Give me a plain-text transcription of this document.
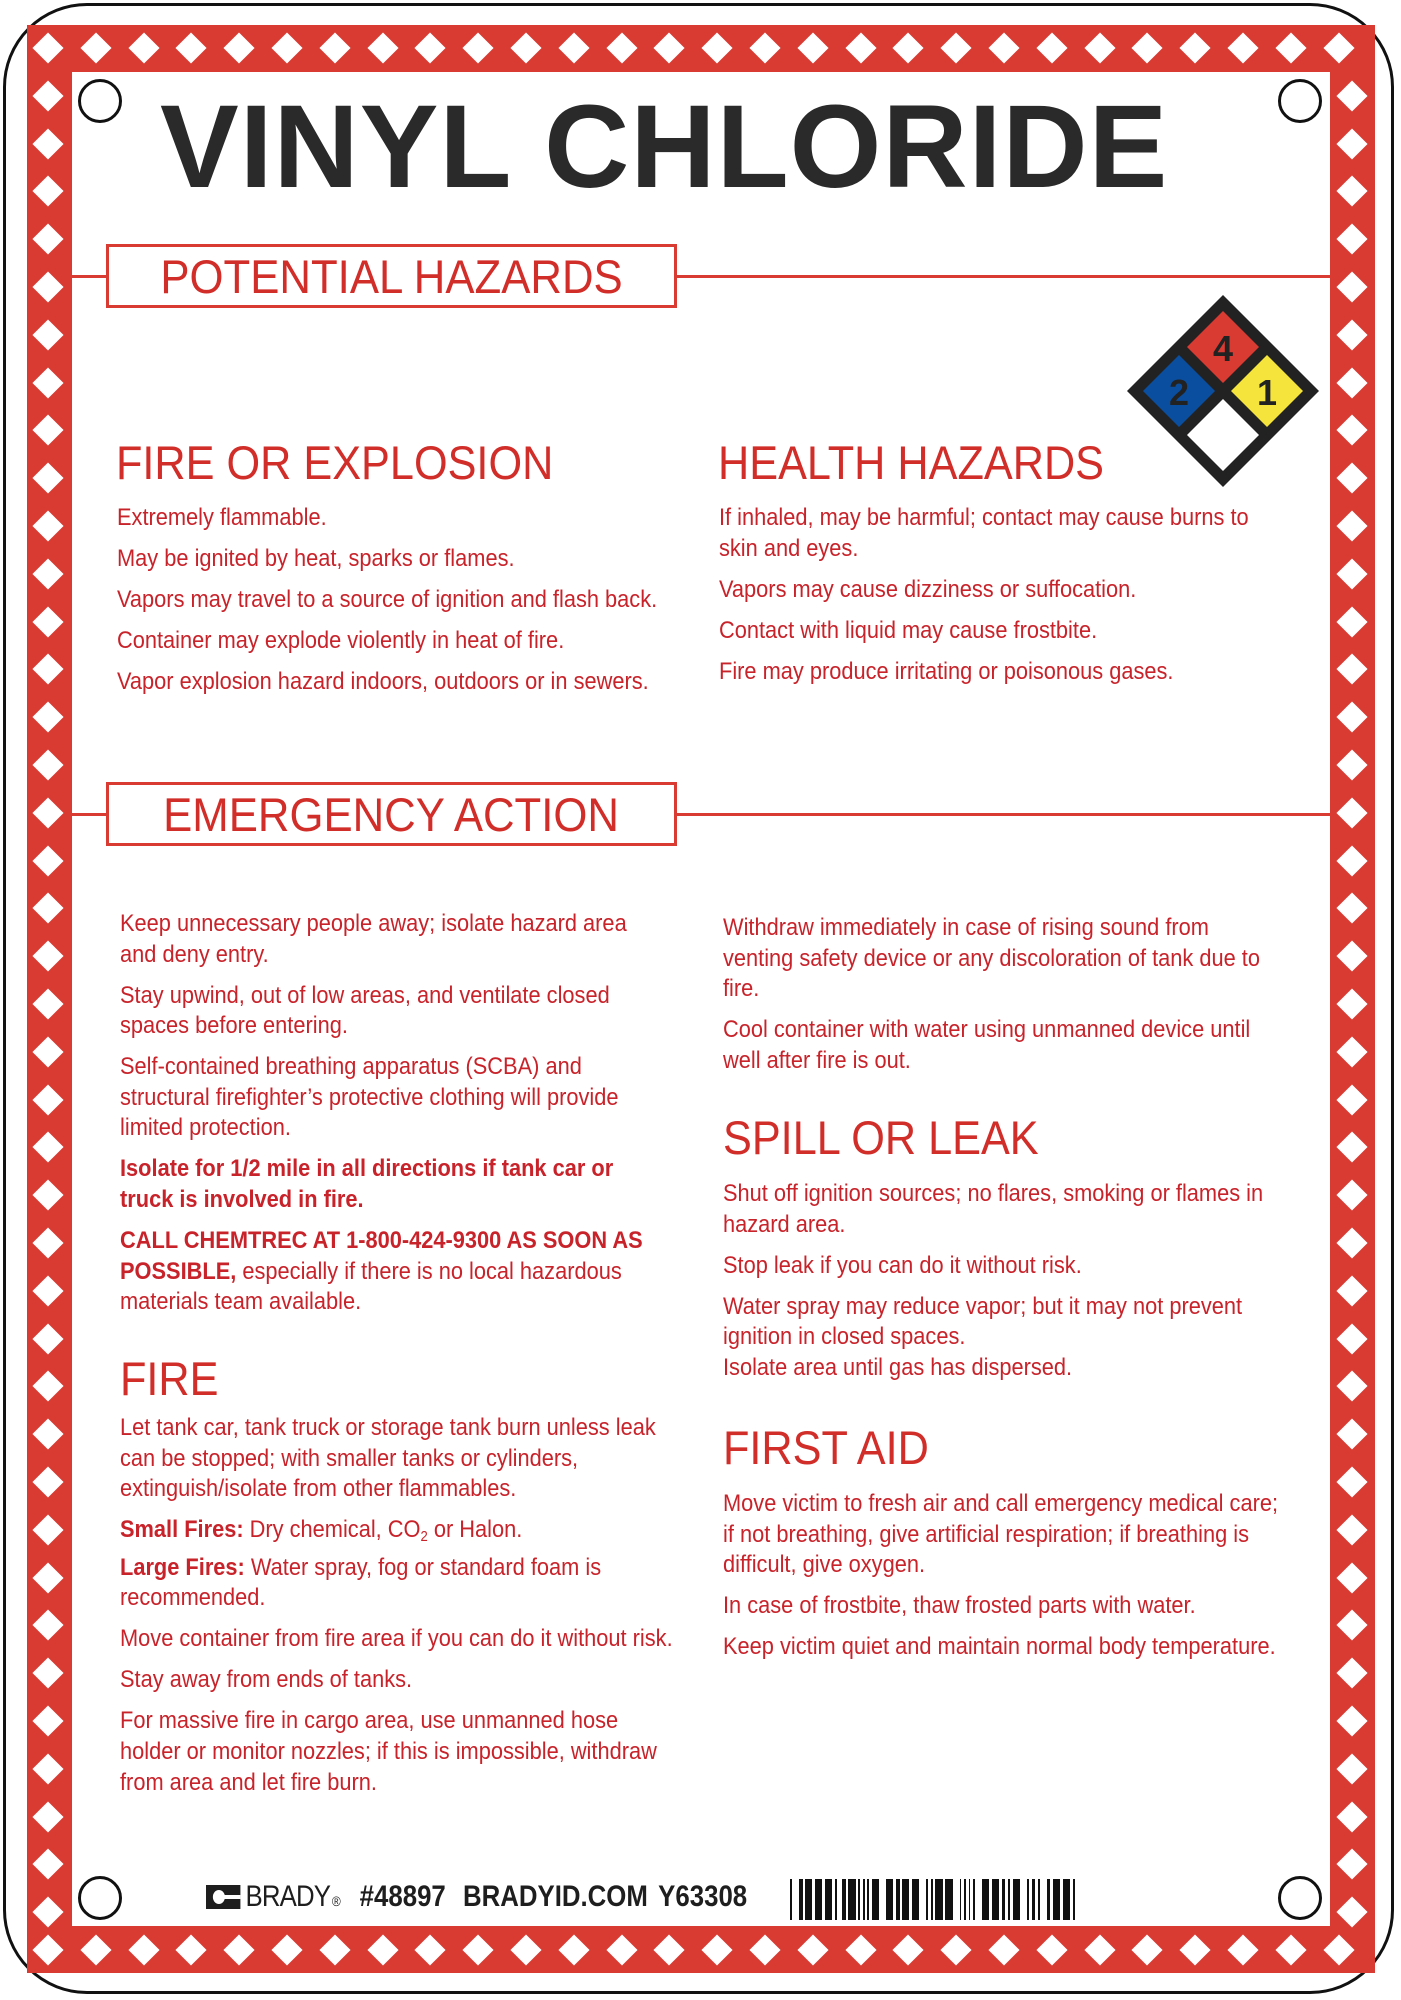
VINYL CHLORIDE
POTENTIAL HAZARDS
4
2 1
FIRE OR EXPLOSION

Extremely flammable.

May be ignited by heat, sparks or flames.

Vapors may travel to a source of ignition and flash back.

Container may explode violently in heat of fire.

Vapor explosion hazard indoors, outdoors or in sewers.

HEALTH HAZARDS

If inhaled, may be harmful; contact may cause burns to skin and eyes.

Vapors may cause dizziness or suffocation.

Contact with liquid may cause frostbite.

Fire may produce irritating or poisonous gases.

EMERGENCY ACTION

Keep unnecessary people away; isolate hazard area and deny entry.

Stay upwind, out of low areas, and ventilate closed spaces before entering.

Self-contained breathing apparatus (SCBA) and structural firefighter’s protective clothing will provide limited protection.

Isolate for 1/2 mile in all directions if tank car or truck is involved in fire.

CALL CHEMTREC AT 1-800-424-9300 AS SOON AS POSSIBLE, especially if there is no local hazardous materials team available.

FIRE

Let tank car, tank truck or storage tank burn unless leak can be stopped; with smaller tanks or cylinders, extinguish/isolate from other flammables.

Small Fires: Dry chemical, $CO_2$ or Halon.

Large Fires: Water spray, fog or standard foam is recommended.

Move container from fire area if you can do it without risk.

Stay away from ends of tanks.

For massive fire in cargo area, use unmanned hose holder or monitor nozzles; if this is impossible, withdraw from area and let fire burn.

Withdraw immediately in case of rising sound from venting safety device or any discoloration of tank due to fire.

Cool container with water using unmanned device until well after fire is out.

SPILL OR LEAK

Shut off ignition sources; no flares, smoking or flames in hazard area.

Stop leak if you can do it without risk.

Water spray may reduce vapor; but it may not prevent ignition in closed spaces.

Isolate area until gas has dispersed.

FIRST AID

Move victim to fresh air and call emergency medical care; if not breathing, give artificial respiration; if breathing is difficult, give oxygen.

In case of frostbite, thaw frosted parts with water.

Keep victim quiet and maintain normal body temperature.

BRADY ® #48897 BRADYID.COM Y63308
